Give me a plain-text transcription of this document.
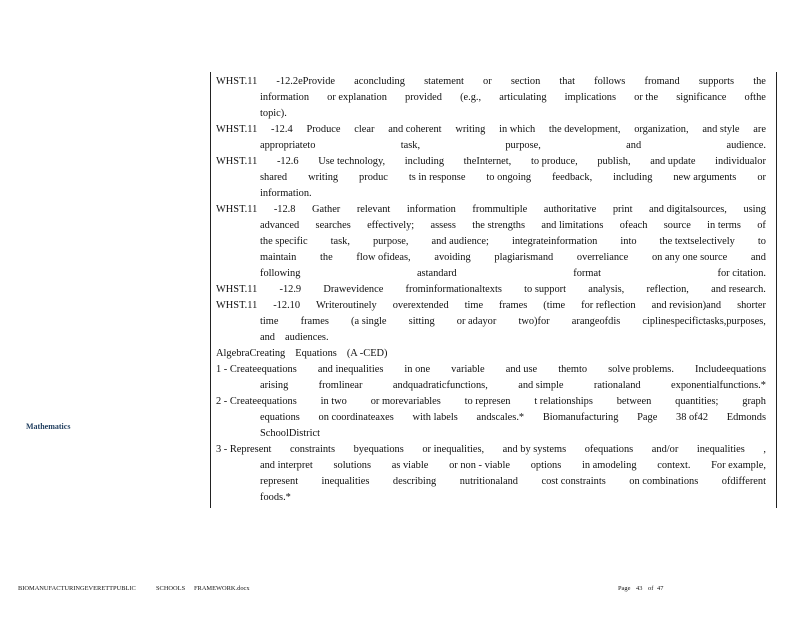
Mathematics
WHST.11 -12.2eProvide aconcluding statement or section that follows fromand supports the
information or explanation provided (e.g., articulating implications or the significance ofthe
topic).
WHST.11 -12.4 Produce clear and coherent writing in which the development, organization, and style are
appropriateto	task,	purpose,	and	audience.
WHST.11 -12.6 Use technology, including theInternet, to produce, publish, and update individualor
shared writing produc ts in response to ongoing feedback, including new arguments or
information.
WHST.11 -12.8 Gather relevant information frommultiple authoritative print and digitalsources, using
advanced searches effectively; assess the strengths and limitations ofeach source in terms of
the specific task, purpose, and audience; integrateinformation into the textselectively to
maintain the flow ofideas, avoiding plagiarismand overreliance on any one source and
following	astandard	format	for citation.
WHST.11 -12.9 Drawevidence frominformationaltexts to support analysis, reflection, and research.
WHST.11 -12.10 Writeroutinely overextended time frames (time for reflection and revision)and shorter
time frames (a single sitting or adayor two)for arangeofdis ciplinespecifictasks,purposes,
and audiences.
AlgebraCreating Equations (A -CED)
1 - Createequations and inequalities in one variable and use themto solve problems. Includeequations
arising	fromlinear	andquadraticfunctions,	and simple	rationaland	exponentialfunctions.*
2 - Createequations in two or morevariables to represen t relationships between quantities; graph
equations on coordinateaxes with labels andscales.* Biomanufacturing Page 38 of42 Edmonds
SchoolDistrict
3 - Represent constraints byequations or inequalities, and by systems ofequations and/or inequalities ,
and interpret solutions as viable or non - viable options in amodeling context. For example,
represent inequalities describing nutritionaland cost constraints on combinations ofdifferent
foods.*
BIOMANUFACTURINGEVERETTPUBLIC	SCHOOLS FRAMEWORK.docx	Page 43 of 47
